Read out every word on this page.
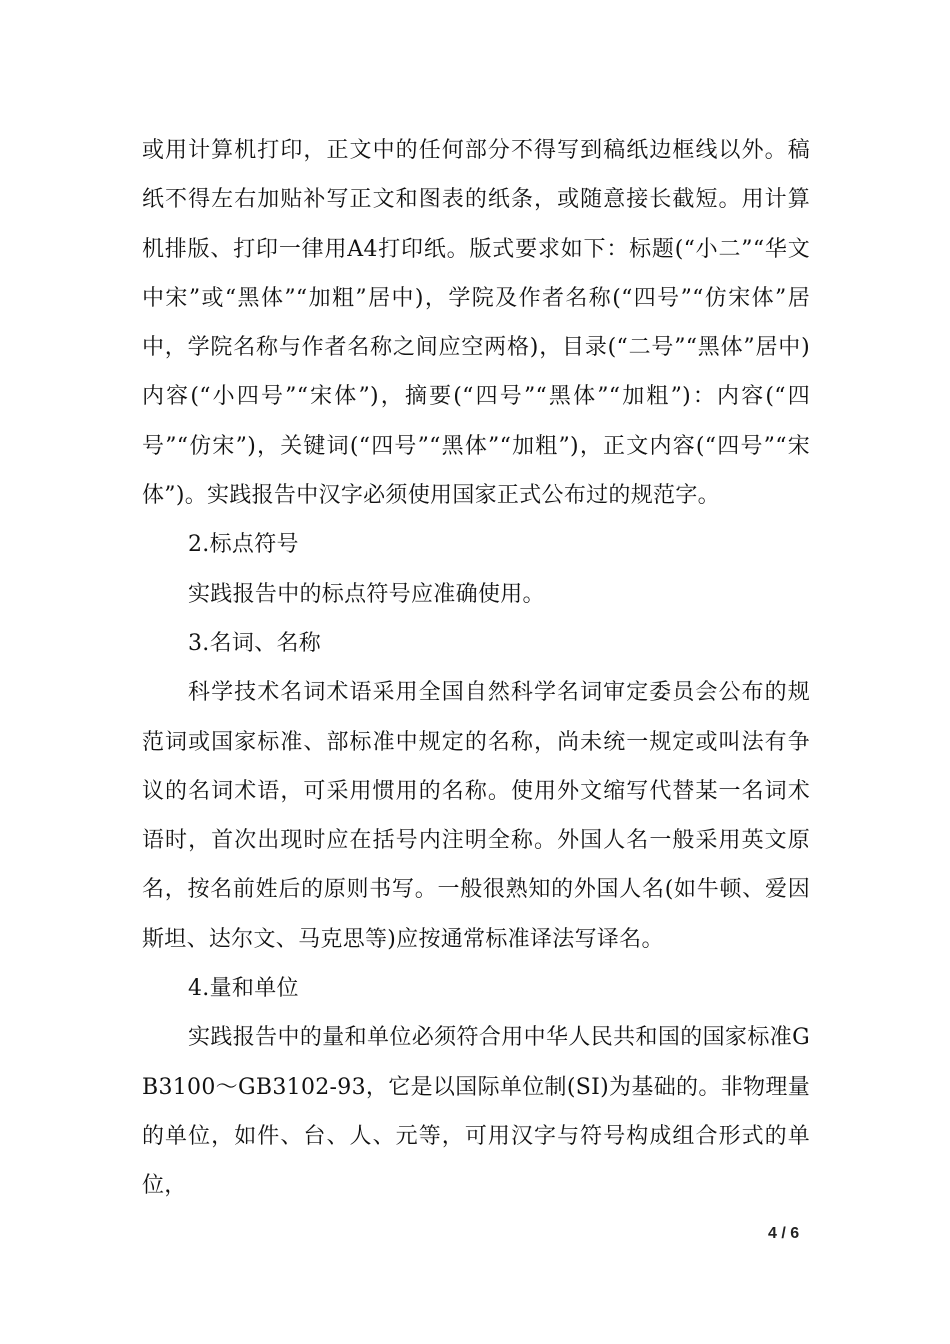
或用计算机打印，正文中的任何部分不得写到稿纸边框线以外。稿纸不得左右加贴补写正文和图表的纸条，或随意接长截短。用计算机排版、打印一律用A4打印纸。版式要求如下：标题(“小二”“华文中宋”或“黑体”“加粗”居中)，学院及作者名称(“四号”“仿宋体”居中，学院名称与作者名称之间应空两格)，目录(“二号”“黑体”居中)内容(“小四号”“宋体”)，摘要(“四号”“黑体”“加粗”)：内容(“四号”“仿宋”)，关键词(“四号”“黑体”“加粗”)，正文内容(“四号”“宋体”)。实践报告中汉字必须使用国家正式公布过的规范字。

2.标点符号

实践报告中的标点符号应准确使用。

3.名词、名称

科学技术名词术语采用全国自然科学名词审定委员会公布的规范词或国家标准、部标准中规定的名称，尚未统一规定或叫法有争议的名词术语，可采用惯用的名称。使用外文缩写代替某一名词术语时，首次出现时应在括号内注明全称。外国人名一般采用英文原名，按名前姓后的原则书写。一般很熟知的外国人名(如牛顿、爱因斯坦、达尔文、马克思等)应按通常标准译法写译名。

4.量和单位

实践报告中的量和单位必须符合用中华人民共和国的国家标准GB3100～GB3102-93，它是以国际单位制(SI)为基础的。非物理量的单位，如件、台、人、元等，可用汉字与符号构成组合形式的单位，

4 / 6
